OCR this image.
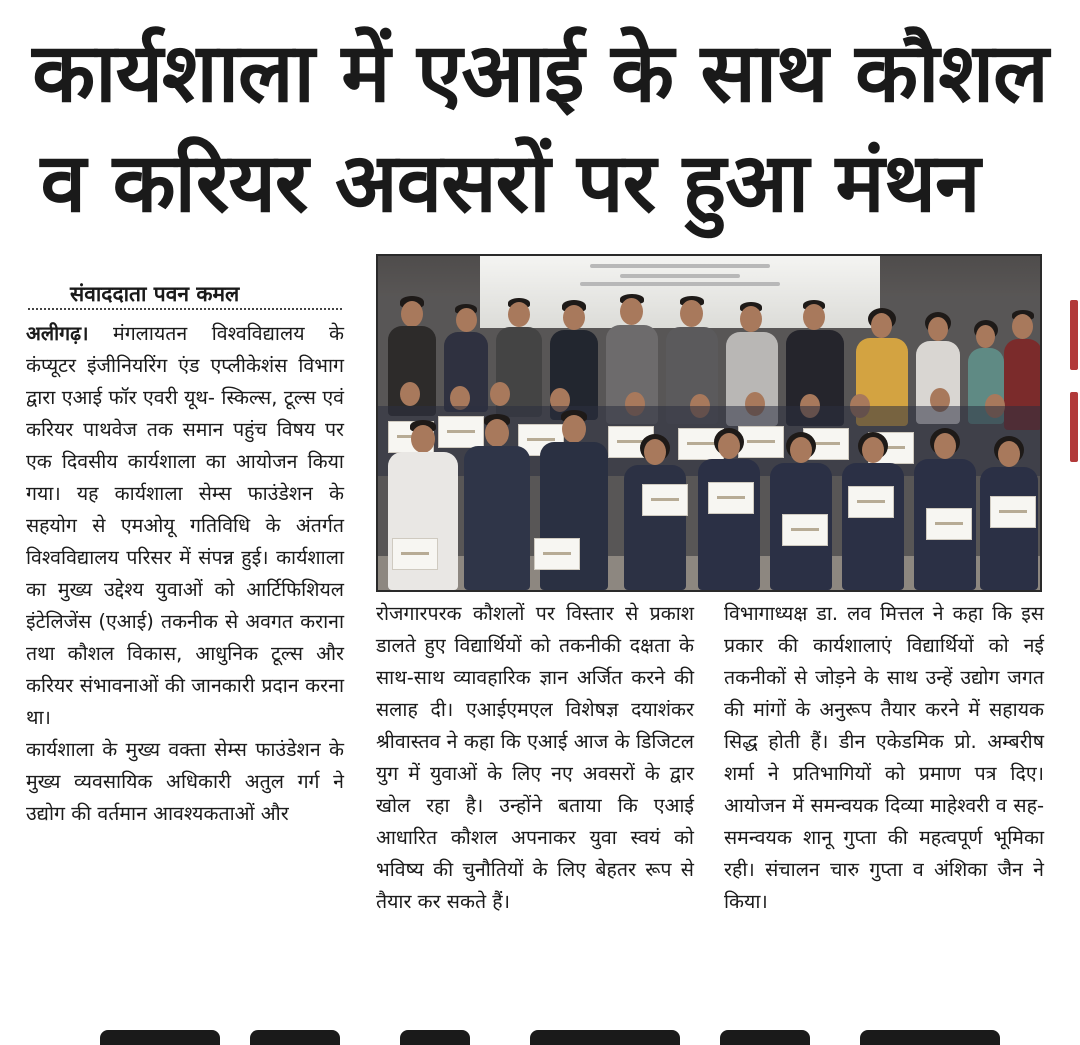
कार्यशाला में एआई के साथ कौशल
व करियर अवसरों पर हुआ मंथन
संवाददाता पवन कमल

अलीगढ़। मंगलायतन विश्वविद्यालय के कंप्यूटर इंजीनियरिंग एंड एप्लीकेशंस विभाग द्वारा एआई फॉर एवरी यूथ- स्किल्स, टूल्स एवं करियर पाथवेज तक समान पहुंच विषय पर एक दिवसीय कार्यशाला का आयोजन किया गया। यह कार्यशाला सेम्स फाउंडेशन के सहयोग से एमओयू गतिविधि के अंतर्गत विश्वविद्यालय परिसर में संपन्न हुई। कार्यशाला का मुख्य उद्देश्य युवाओं को आर्टिफिशियल इंटेलिजेंस (एआई) तकनीक से अवगत कराना तथा कौशल विकास, आधुनिक टूल्स और करियर संभावनाओं की जानकारी प्रदान करना था।

कार्यशाला के मुख्य वक्ता सेम्स फाउंडेशन के मुख्य व्यवसायिक अधिकारी अतुल गर्ग ने उद्योग की वर्तमान आवश्यकताओं और

रोजगारपरक कौशलों पर विस्तार से प्रकाश डालते हुए विद्यार्थियों को तकनीकी दक्षता के साथ-साथ व्यावहारिक ज्ञान अर्जित करने की सलाह दी। एआईएमएल विशेषज्ञ दयाशंकर श्रीवास्तव ने कहा कि एआई आज के डिजिटल युग में युवाओं के लिए नए अवसरों के द्वार खोल रहा है। उन्होंने बताया कि एआई आधारित कौशल अपनाकर युवा स्वयं को भविष्य की चुनौतियों के लिए बेहतर रूप से तैयार कर सकते हैं।
विभागाध्यक्ष डा. लव मित्तल ने कहा कि इस प्रकार की कार्यशालाएं विद्यार्थियों को नई तकनीकों से जोड़ने के साथ उन्हें उद्योग जगत की मांगों के अनुरूप तैयार करने में सहायक सिद्ध होती हैं। डीन एकेडमिक प्रो. अम्बरीष शर्मा ने प्रतिभागियों को प्रमाण पत्र दिए। आयोजन में समन्वयक दिव्या माहेश्वरी व सह-समन्वयक शानू गुप्ता की महत्वपूर्ण भूमिका रही। संचालन चारु गुप्ता व अंशिका जैन ने किया।
